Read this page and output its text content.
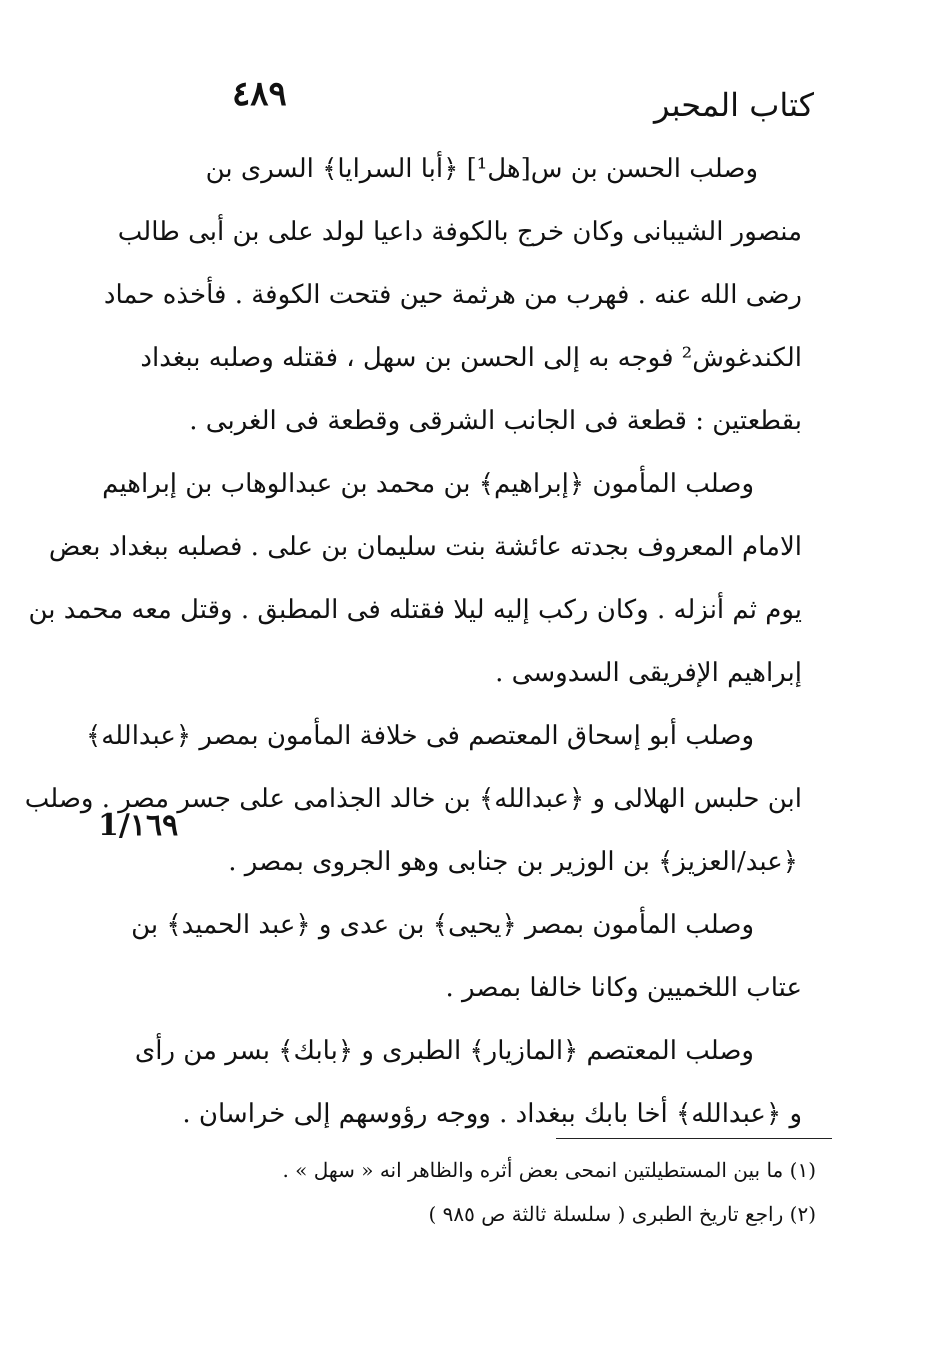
٤٨٩	كتاب المحبر
وصلب الحسن بن س[هل¹] ﴿أبا السرايا﴾ السرى بن
منصور الشيبانى وكان خرج بالكوفة داعيا لولد على بن أبى طالب
رضى الله عنه . فهرب من هرثمة حين فتحت الكوفة . فأخذه حماد
الكندغوش² فوجه به إلى الحسن بن سهل ، فقتله وصلبه ببغداد
بقطعتين : قطعة فى الجانب الشرقى وقطعة فى الغربى .
وصلب المأمون ﴿إبراهيم﴾ بن محمد بن عبدالوهاب بن إبراهيم
الامام المعروف بجدته عائشة بنت سليمان بن على . فصلبه ببغداد بعض
يوم ثم أنزله . وكان ركب إليه ليلا فقتله فى المطبق . وقتل معه محمد بن
إبراهيم الإفريقى السدوسى .
وصلب أبو إسحاق المعتصم فى خلافة المأمون بمصر ﴿عبدالله﴾
ابن حلبس الهلالى و ﴿عبدالله﴾ بن خالد الجذامى على جسر مصر . وصلب
﴿عبد/العزيز﴾ بن الوزير بن جنابى وهو الجروى بمصر .
وصلب المأمون بمصر ﴿يحيى﴾ بن عدى و ﴿عبد الحميد﴾ بن
عتاب اللخميين وكانا خالفا بمصر .
وصلب المعتصم ﴿المازيار﴾ الطبرى و ﴿بابك﴾ بسر من رأى
و ﴿عبدالله﴾ أخا بابك ببغداد . ووجه رؤوسهم إلى خراسان .
1/١٦٩
(١) ما بين المستطيلتين انمحى بعض أثره والظاهر انه « سهل » .
(٢) راجع تاريخ الطبرى ( سلسلة ثالثة ص ٩٨٥ )
